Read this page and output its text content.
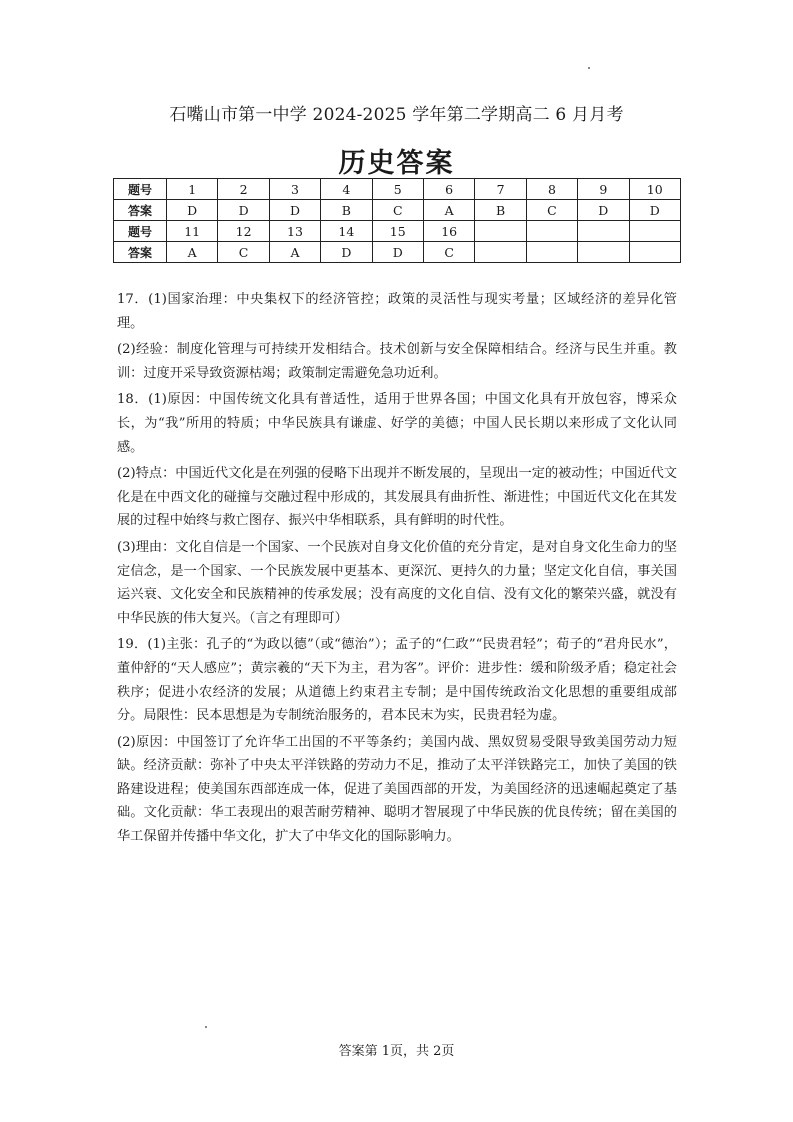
石嘴山市第一中学 2024-2025 学年第二学期高二 6 月月考
历史答案
题号	1	2	3	4	5	6	7	8	9	10
答案	D	D	D	B	C	A	B	C	D	D
题号	11	12	13	14	15	16				
答案	A	C	A	D	D	C				

17．(1)国家治理：中央集权下的经济管控；政策的灵活性与现实考量；区域经济的差异化管理。

(2)经验：制度化管理与可持续开发相结合。技术创新与安全保障相结合。经济与民生并重。教训：过度开采导致资源枯竭；政策制定需避免急功近利。

18．(1)原因：中国传统文化具有普适性，适用于世界各国；中国文化具有开放包容，博采众长，为“我”所用的特质；中华民族具有谦虚、好学的美德；中国人民长期以来形成了文化认同感。

(2)特点：中国近代文化是在列强的侵略下出现并不断发展的，呈现出一定的被动性；中国近代文化是在中西文化的碰撞与交融过程中形成的，其发展具有曲折性、渐进性；中国近代文化在其发展的过程中始终与救亡图存、振兴中华相联系，具有鲜明的时代性。

(3)理由：文化自信是一个国家、一个民族对自身文化价值的充分肯定，是对自身文化生命力的坚定信念，是一个国家、一个民族发展中更基本、更深沉、更持久的力量；坚定文化自信，事关国运兴衰、文化安全和民族精神的传承发展；没有高度的文化自信、没有文化的繁荣兴盛，就没有中华民族的伟大复兴。（言之有理即可）

19．(1)主张：孔子的“为政以德”（或“德治”）；孟子的“仁政”“民贵君轻”；荀子的“君舟民水”，董仲舒的“天人感应”；黄宗羲的“天下为主，君为客”。评价：进步性：缓和阶级矛盾；稳定社会秩序；促进小农经济的发展；从道德上约束君主专制；是中国传统政治文化思想的重要组成部分。局限性：民本思想是为专制统治服务的，君本民末为实，民贵君轻为虚。

(2)原因：中国签订了允许华工出国的不平等条约；美国内战、黑奴贸易受限导致美国劳动力短缺。经济贡献：弥补了中央太平洋铁路的劳动力不足，推动了太平洋铁路完工，加快了美国的铁路建设进程；使美国东西部连成一体，促进了美国西部的开发，为美国经济的迅速崛起奠定了基础。文化贡献：华工表现出的艰苦耐劳精神、聪明才智展现了中华民族的优良传统；留在美国的华工保留并传播中华文化，扩大了中华文化的国际影响力。

答案第 1页，共 2页
